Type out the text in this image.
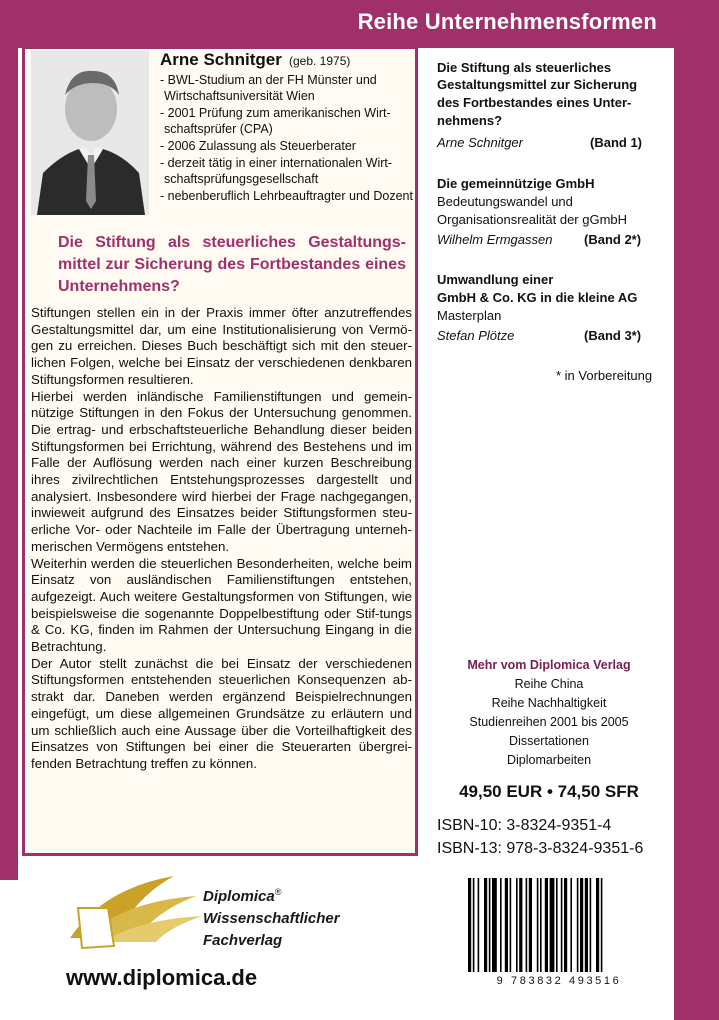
Reihe Unternehmensformen
Arne Schnitger (geb. 1975)
- BWL-Studium an der FH Münster und
Wirtschaftsuniversität Wien
- 2001 Prüfung zum amerikanischen Wirt-
schaftsprüfer (CPA)
- 2006 Zulassung als Steuerberater
- derzeit tätig in einer internationalen Wirt-
schaftsprüfungsgesellschaft
- nebenberuflich Lehrbeauftragter und Dozent
Die Stiftung als steuerliches Gestaltungs-mittel zur Sicherung des Fortbestandes eines Unternehmens?

Stiftungen stellen ein in der Praxis immer öfter anzutreffendes Gestaltungsmittel dar, um eine Institutionalisierung von Vermö-gen zu erreichen. Dieses Buch beschäftigt sich mit den steuer-lichen Folgen, welche bei Einsatz der verschiedenen denkbaren Stiftungsformen resultieren.

Hierbei werden inländische Familienstiftungen und gemein-nützige Stiftungen in den Fokus der Untersuchung genommen. Die ertrag- und erbschaftsteuerliche Behandlung dieser beiden Stiftungsformen bei Errichtung, während des Bestehens und im Falle der Auflösung werden nach einer kurzen Beschreibung ihres zivilrechtlichen Entstehungsprozesses dargestellt und analysiert. Insbesondere wird hierbei der Frage nachgegangen, inwieweit aufgrund des Einsatzes beider Stiftungsformen steu-erliche Vor- oder Nachteile im Falle der Übertragung unterneh-merischen Vermögens entstehen.

Weiterhin werden die steuerlichen Besonderheiten, welche beim Einsatz von ausländischen Familienstiftungen entstehen, aufgezeigt. Auch weitere Gestaltungsformen von Stiftungen, wie beispielsweise die sogenannte Doppelbestiftung oder Stif-tungs & Co. KG, finden im Rahmen der Untersuchung Eingang in die Betrachtung.

Der Autor stellt zunächst die bei Einsatz der verschiedenen Stiftungsformen entstehenden steuerlichen Konsequenzen ab-strakt dar. Daneben werden ergänzend Beispielrechnungen eingefügt, um diese allgemeinen Grundsätze zu erläutern und um schließlich auch eine Aussage über die Vorteilhaftigkeit des Einsatzes von Stiftungen bei einer die Steuerarten übergrei-fenden Betrachtung treffen zu können.

Die Stiftung als steuerliches
Gestaltungsmittel zur Sicherung
des Fortbestandes eines Unter-
nehmens?
Arne Schnitger	(Band 1)
Die gemeinnützige GmbH
Bedeutungswandel und
Organisationsrealität der gGmbH
Wilhelm Ermgassen (Band 2*)
Umwandlung einer
GmbH & Co. KG in die kleine AG
Masterplan
Stefan Plötze	(Band 3*)
* in Vorbereitung
Mehr vom Diplomica Verlag
Reihe China
Reihe Nachhaltigkeit
Studienreihen 2001 bis 2005
Dissertationen
Diplomarbeiten
49,50 EUR • 74,50 SFR
ISBN-10: 3-8324-9351-4
ISBN-13: 978-3-8324-9351-6
9 783832 493516
Diplomica®
Wissenschaftlicher
Fachverlag
www.diplomica.de
